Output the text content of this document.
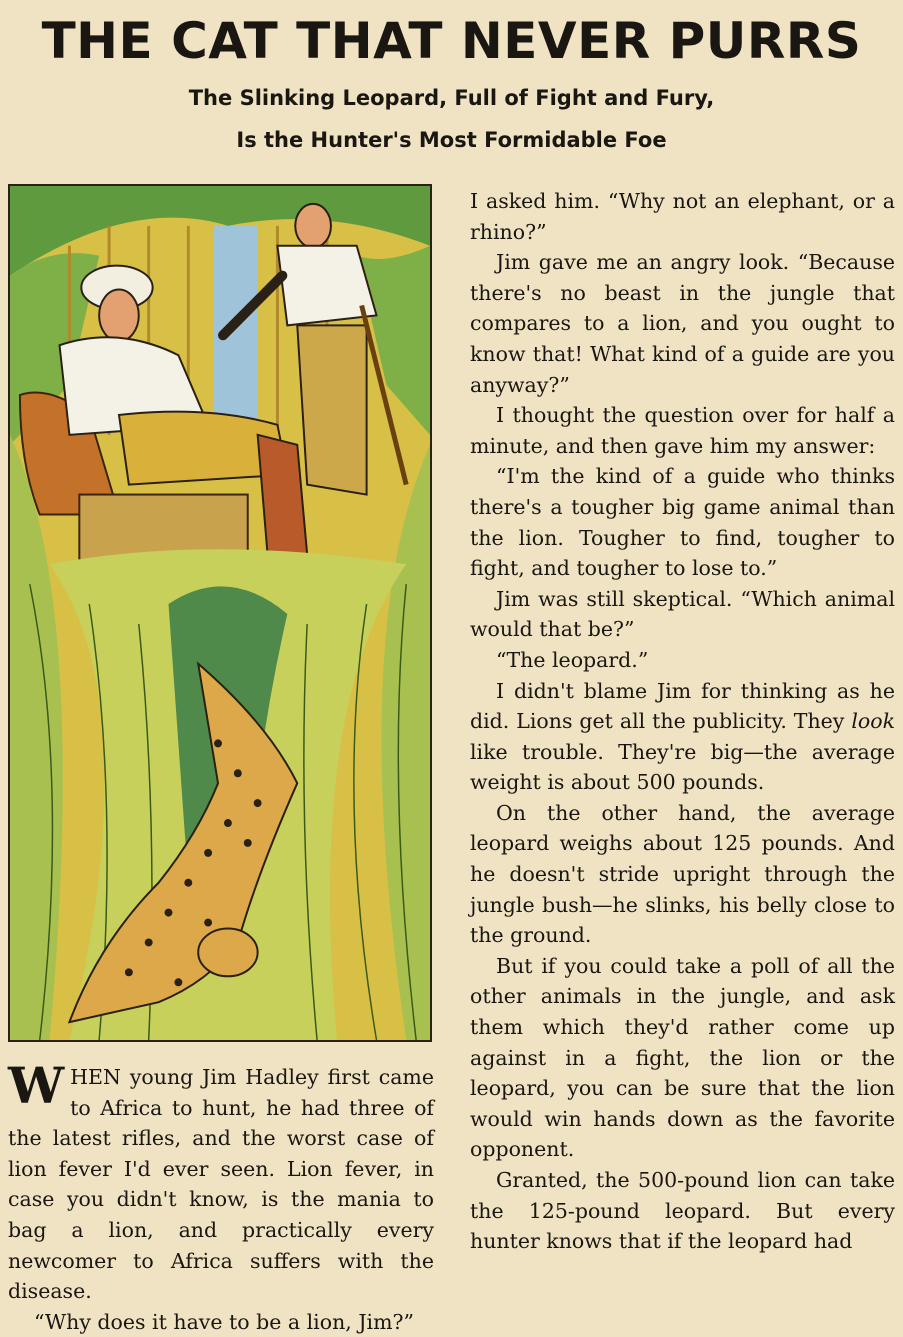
THE CAT THAT NEVER PURRS
The Slinking Leopard, Full of Fight and Fury,
Is the Hunter's Most Formidable Foe

I asked him. “Why not an elephant, or a rhino?”

Jim gave me an angry look. “Because there's no beast in the jungle that compares to a lion, and you ought to know that! What kind of a guide are you anyway?”

I thought the question over for half a minute, and then gave him my answer:

“I'm the kind of a guide who thinks there's a tougher big game animal than the lion. Tougher to find, tougher to fight, and tougher to lose to.”

Jim was still skeptical. “Which animal would that be?”

“The leopard.”

I didn't blame Jim for thinking as he did. Lions get all the publicity. They look like trouble. They're big—the average weight is about 500 pounds.

On the other hand, the average leopard weighs about 125 pounds. And he doesn't stride upright through the jungle bush—he slinks, his belly close to the ground.

But if you could take a poll of all the other animals in the jungle, and ask them which they'd rather come up against in a fight, the lion or the leopard, you can be sure that the lion would win hands down as the favorite opponent.

Granted, the 500-pound lion can take the 125-pound leopard. But every hunter knows that if the leopard had

WHEN young Jim Hadley first came to Africa to hunt, he had three of the latest rifles, and the worst case of lion fever I'd ever seen. Lion fever, in case you didn't know, is the mania to bag a lion, and practically every newcomer to Africa suffers with the disease.

“Why does it have to be a lion, Jim?”
